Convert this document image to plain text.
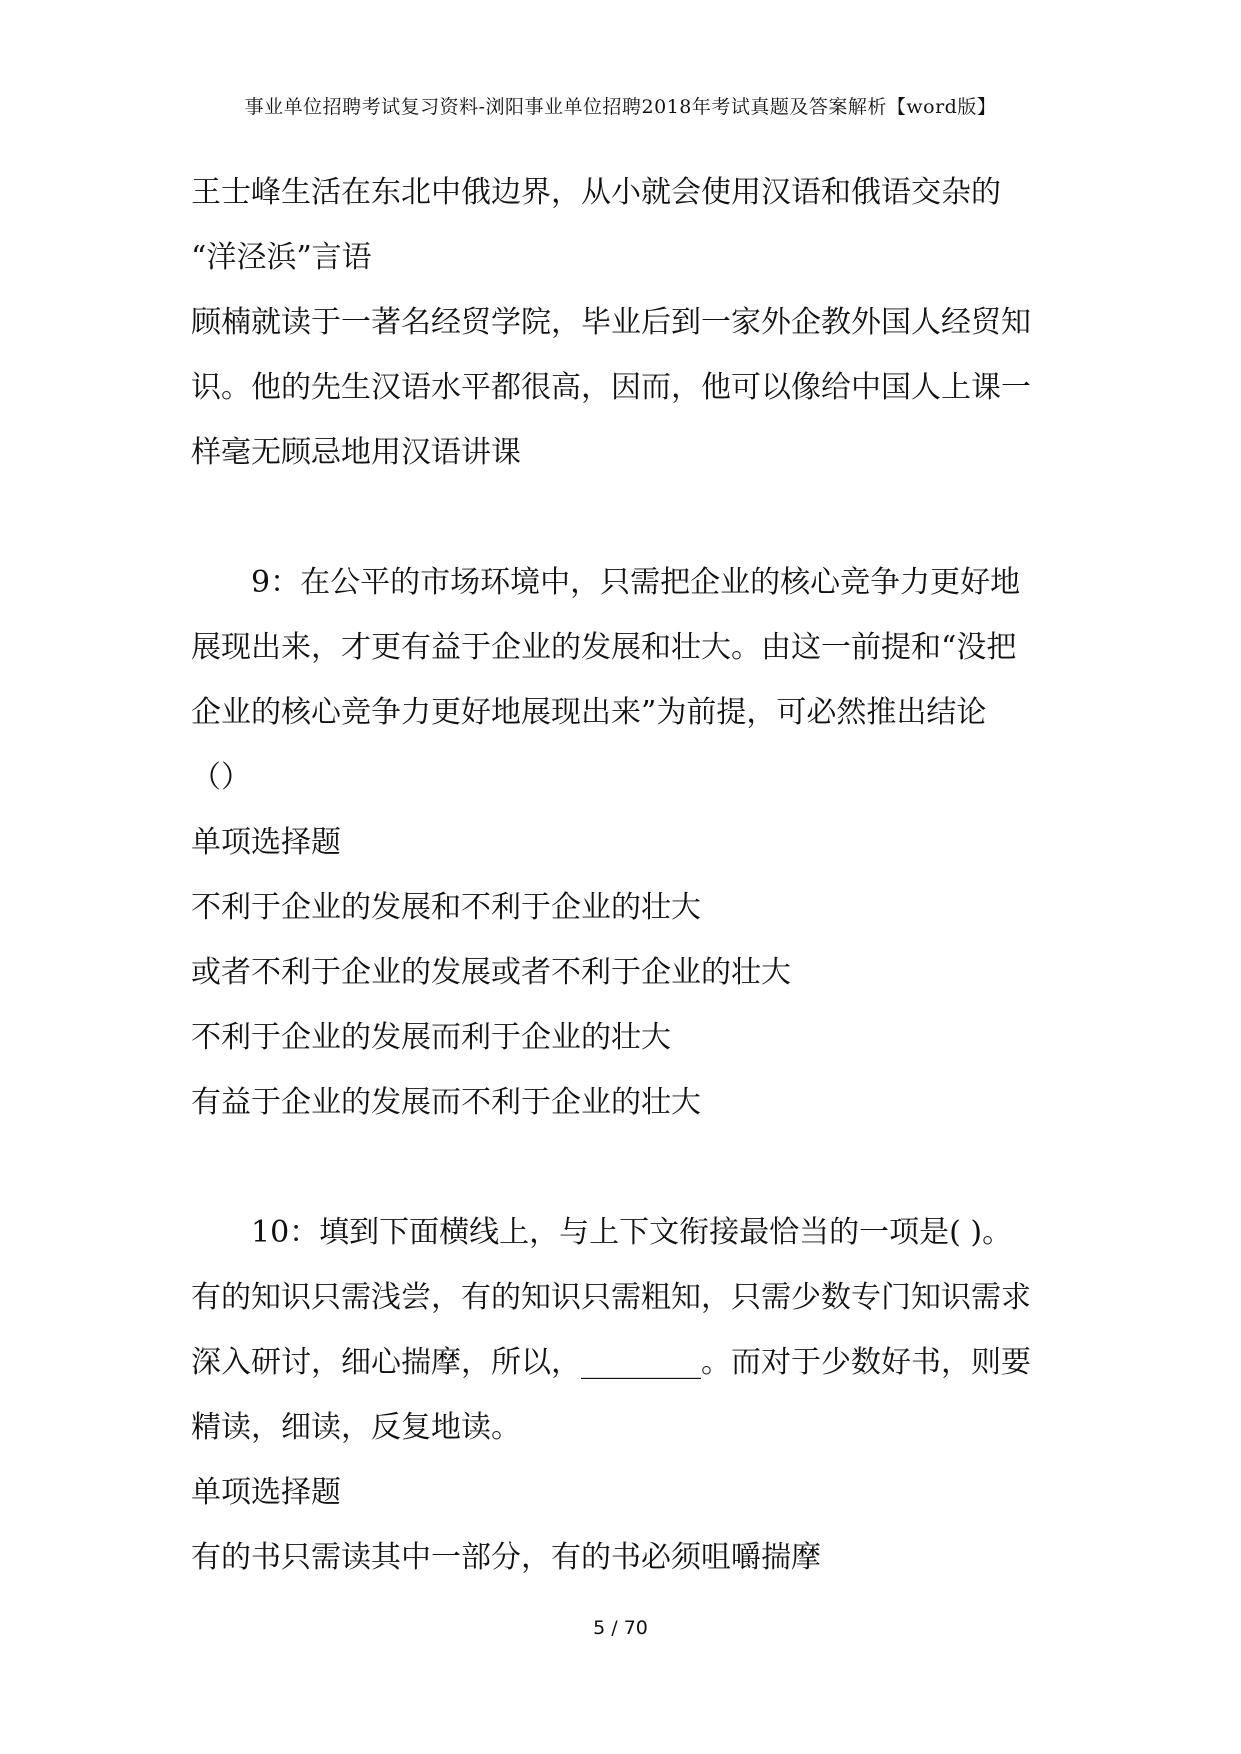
事业单位招聘考试复习资料-浏阳事业单位招聘2018年考试真题及答案解析【word版】

王士峰生活在东北中俄边界，从小就会使用汉语和俄语交杂的

“洋泾浜”言语

顾楠就读于一著名经贸学院，毕业后到一家外企教外国人经贸知

识。他的先生汉语水平都很高，因而，他可以像给中国人上课一

样毫无顾忌地用汉语讲课

9：在公平的市场环境中，只需把企业的核心竞争力更好地

展现出来，才更有益于企业的发展和壮大。由这一前提和“没把

企业的核心竞争力更好地展现出来”为前提，可必然推出结论

（）

单项选择题

不利于企业的发展和不利于企业的壮大

或者不利于企业的发展或者不利于企业的壮大

不利于企业的发展而利于企业的壮大

有益于企业的发展而不利于企业的壮大

10：填到下面横线上，与上下文衔接最恰当的一项是( )。

有的知识只需浅尝，有的知识只需粗知，只需少数专门知识需求

深入研讨，细心揣摩，所以，________。而对于少数好书，则要

精读，细读，反复地读。

单项选择题

有的书只需读其中一部分，有的书必须咀嚼揣摩

5 / 70
